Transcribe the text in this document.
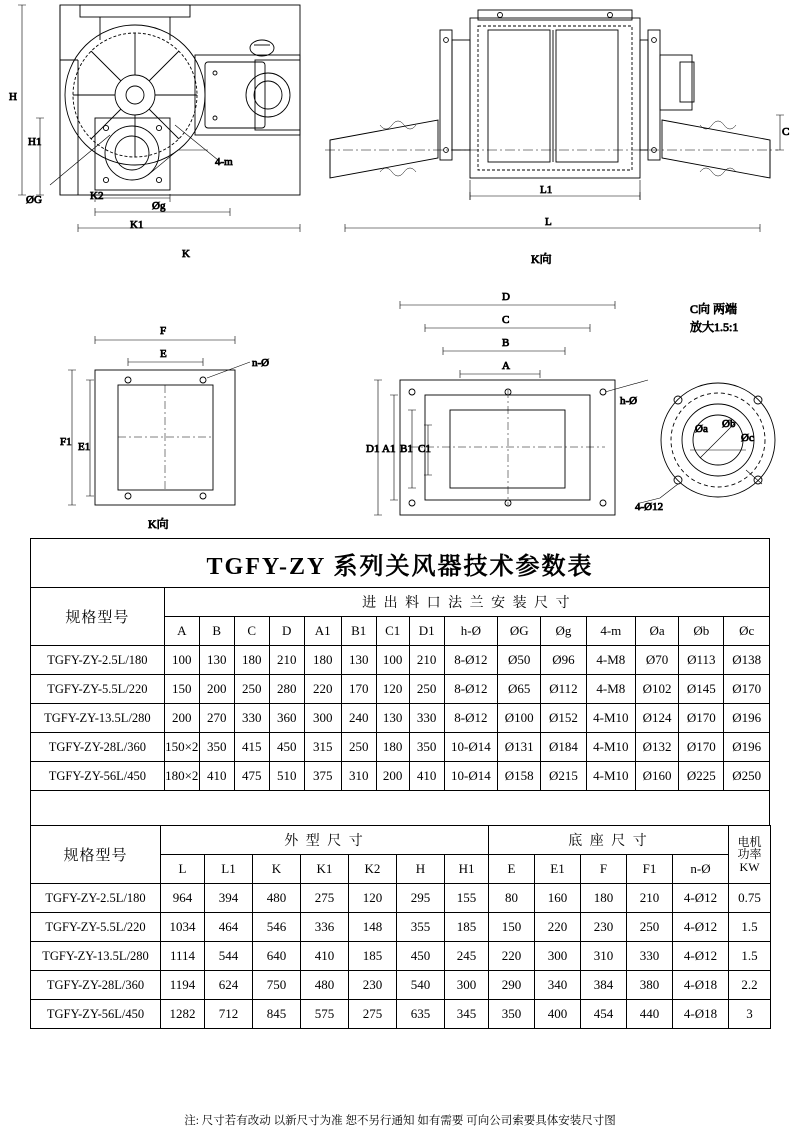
H
H1
ØG	K2
K1
Øg
K
4-m
L1
L
C
K向
F
E
n-Ø
F1 E1
K向
D
C
B
A
h-Ø
D1 A1 B1 C1
Øa Øb
Øc
4-Ø12
C向 两端
放大1.5:1
TGFY-ZY 系列关风器技术参数表															
规格型号	进 出 料 口 法 兰 安 装 尺 寸														
	A	B	C	D	A1	B1	C1	D1	h-Ø	ØG	Øg	4-m	Øa	Øb	Øc
TGFY-ZY-2.5L/180	100	130	180	210	180	130	100	210	8-Ø12	Ø50	Ø96	4-M8	Ø70	Ø113	Ø138
TGFY-ZY-5.5L/220	150	200	250	280	220	170	120	250	8-Ø12	Ø65	Ø112	4-M8	Ø102	Ø145	Ø170
TGFY-ZY-13.5L/280	200	270	330	360	300	240	130	330	8-Ø12	Ø100	Ø152	4-M10	Ø124	Ø170	Ø196
TGFY-ZY-28L/360	150×2	350	415	450	315	250	180	350	10-Ø14	Ø131	Ø184	4-M10	Ø132	Ø170	Ø196
TGFY-ZY-56L/450	180×2	410	475	510	375	310	200	410	10-Ø14	Ø158	Ø215	4-M10	Ø160	Ø225	Ø250

规格型号	外 型 尺 寸							底 座 尺 寸					电机
功率
KW

	L	L1	K	K1	K2	H	H1	E	E1	F	F1	n-Ø	
TGFY-ZY-2.5L/180	964	394	480	275	120	295	155	80	160	180	210	4-Ø12	0.75
TGFY-ZY-5.5L/220	1034	464	546	336	148	355	185	150	220	230	250	4-Ø12	1.5
TGFY-ZY-13.5L/280	1114	544	640	410	185	450	245	220	300	310	330	4-Ø12	1.5
TGFY-ZY-28L/360	1194	624	750	480	230	540	300	290	340	384	380	4-Ø18	2.2
TGFY-ZY-56L/450	1282	712	845	575	275	635	345	350	400	454	440	4-Ø18	3
注: 尺寸若有改动 以新尺寸为准 恕不另行通知 如有需要 可向公司索要具体安装尺寸图
